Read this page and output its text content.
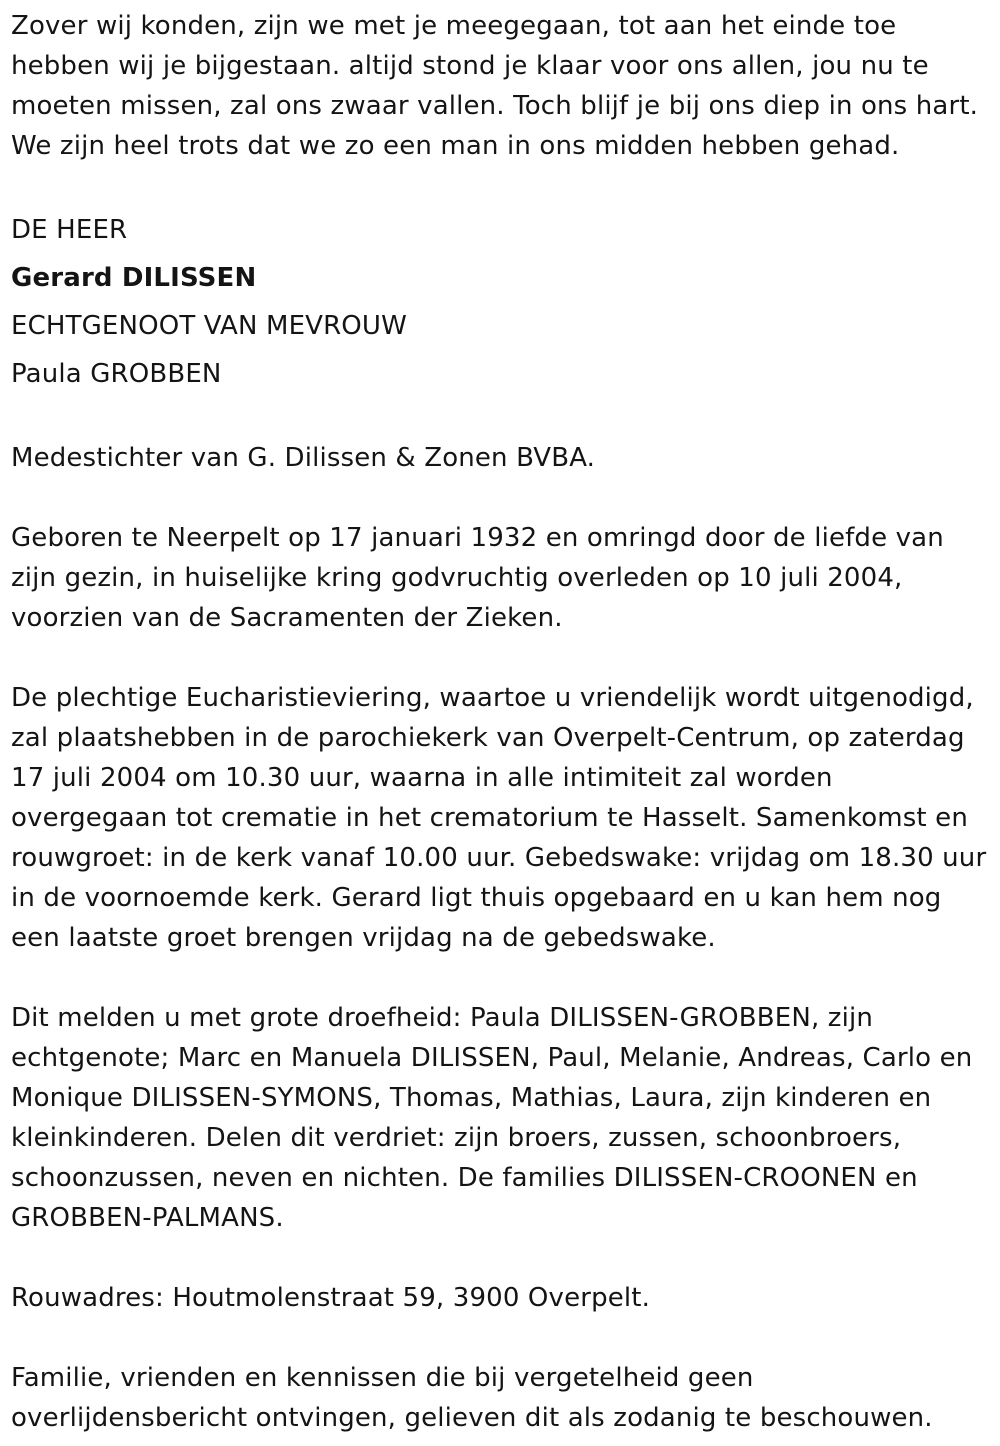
Zover wij konden, zijn we met je meegegaan, tot aan het einde toe hebben wij je bijgestaan. altijd stond je klaar voor ons allen, jou nu te moeten missen, zal ons zwaar vallen. Toch blijf je bij ons diep in ons hart. We zijn heel trots dat we zo een man in ons midden hebben gehad.

DE HEER

Gerard DILISSEN

ECHTGENOOT VAN MEVROUW

Paula GROBBEN

Medestichter van G. Dilissen & Zonen BVBA.

Geboren te Neerpelt op 17 januari 1932 en omringd door de liefde van zijn gezin, in huiselijke kring godvruchtig overleden op 10 juli 2004, voorzien van de Sacramenten der Zieken.

De plechtige Eucharistieviering, waartoe u vriendelijk wordt uitgenodigd, zal plaatshebben in de parochiekerk van Overpelt-Centrum, op zaterdag 17 juli 2004 om 10.30 uur, waarna in alle intimiteit zal worden overgegaan tot crematie in het crematorium te Hasselt. Samenkomst en rouwgroet: in de kerk vanaf 10.00 uur. Gebedswake: vrijdag om 18.30 uur in de voornoemde kerk. Gerard ligt thuis opgebaard en u kan hem nog een laatste groet brengen vrijdag na de gebedswake.

Dit melden u met grote droefheid: Paula DILISSEN-GROBBEN, zijn echtgenote; Marc en Manuela DILISSEN, Paul, Melanie, Andreas, Carlo en Monique DILISSEN-SYMONS, Thomas, Mathias, Laura, zijn kinderen en kleinkinderen. Delen dit verdriet: zijn broers, zussen, schoonbroers, schoonzussen, neven en nichten. De families DILISSEN-CROONEN en GROBBEN-PALMANS.

Rouwadres: Houtmolenstraat 59, 3900 Overpelt.

Familie, vrienden en kennissen die bij vergetelheid geen overlijdensbericht ontvingen, gelieven dit als zodanig te beschouwen.
